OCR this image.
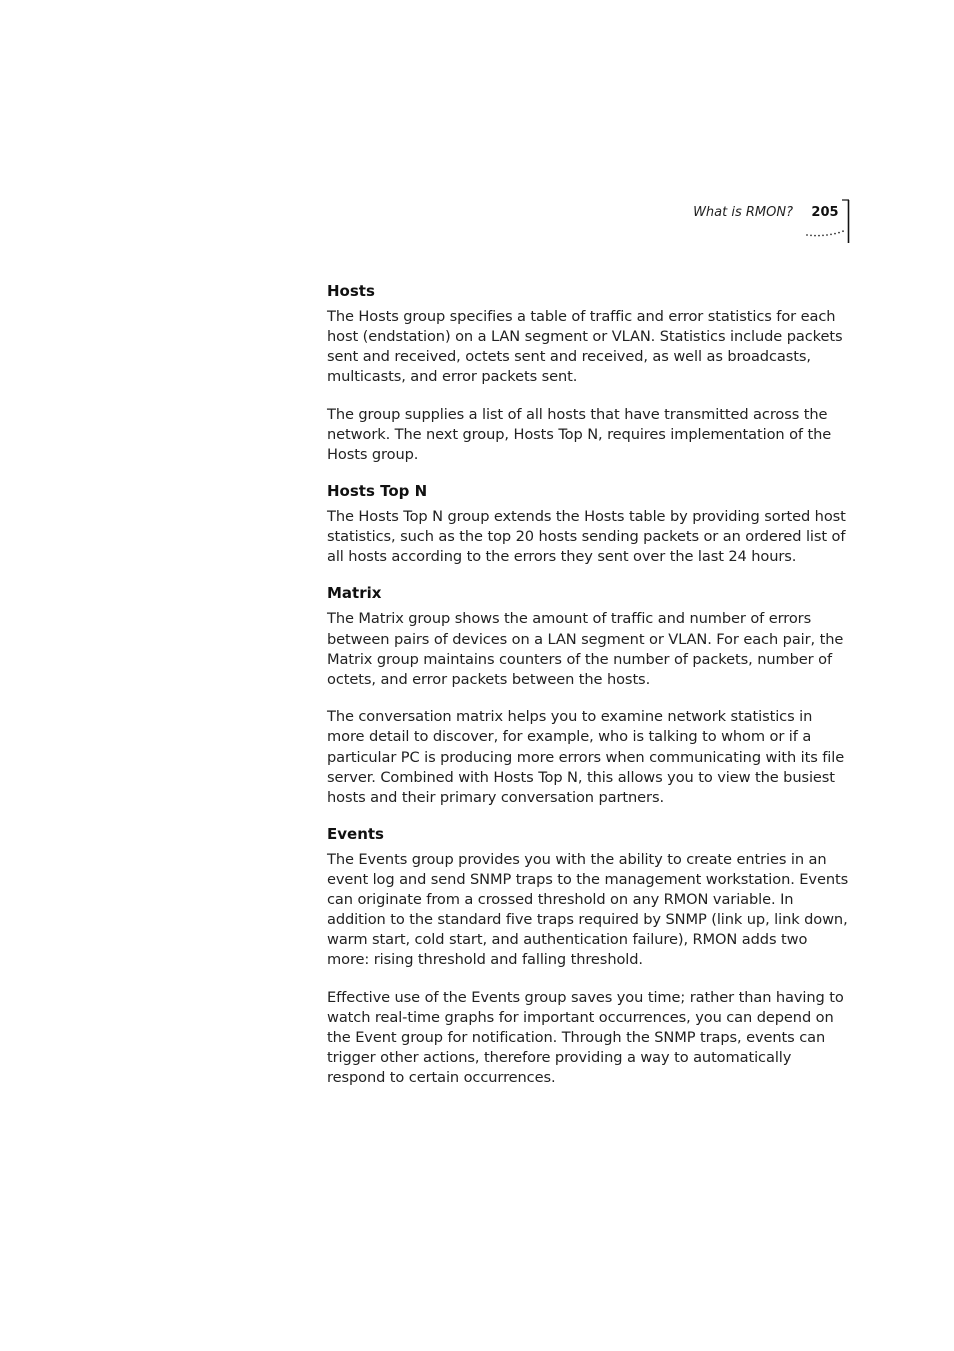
What is RMON?	205
Hosts

The Hosts group specifies a table of traffic and error statistics for each host (endstation) on a LAN segment or VLAN. Statistics include packets sent and received, octets sent and received, as well as broadcasts, multicasts, and error packets sent.

The group supplies a list of all hosts that have transmitted across the network. The next group, Hosts Top N, requires implementation of the Hosts group.

Hosts Top N

The Hosts Top N group extends the Hosts table by providing sorted host statistics, such as the top 20 hosts sending packets or an ordered list of all hosts according to the errors they sent over the last 24 hours.

Matrix

The Matrix group shows the amount of traffic and number of errors between pairs of devices on a LAN segment or VLAN. For each pair, the Matrix group maintains counters of the number of packets, number of octets, and error packets between the hosts.

The conversation matrix helps you to examine network statistics in more detail to discover, for example, who is talking to whom or if a particular PC is producing more errors when communicating with its file server. Combined with Hosts Top N, this allows you to view the busiest hosts and their primary conversation partners.

Events

The Events group provides you with the ability to create entries in an event log and send SNMP traps to the management workstation. Events can originate from a crossed threshold on any RMON variable. In addition to the standard five traps required by SNMP (link up, link down, warm start, cold start, and authentication failure), RMON adds two more: rising threshold and falling threshold.

Effective use of the Events group saves you time; rather than having to watch real-time graphs for important occurrences, you can depend on the Event group for notification. Through the SNMP traps, events can trigger other actions, therefore providing a way to automatically respond to certain occurrences.
